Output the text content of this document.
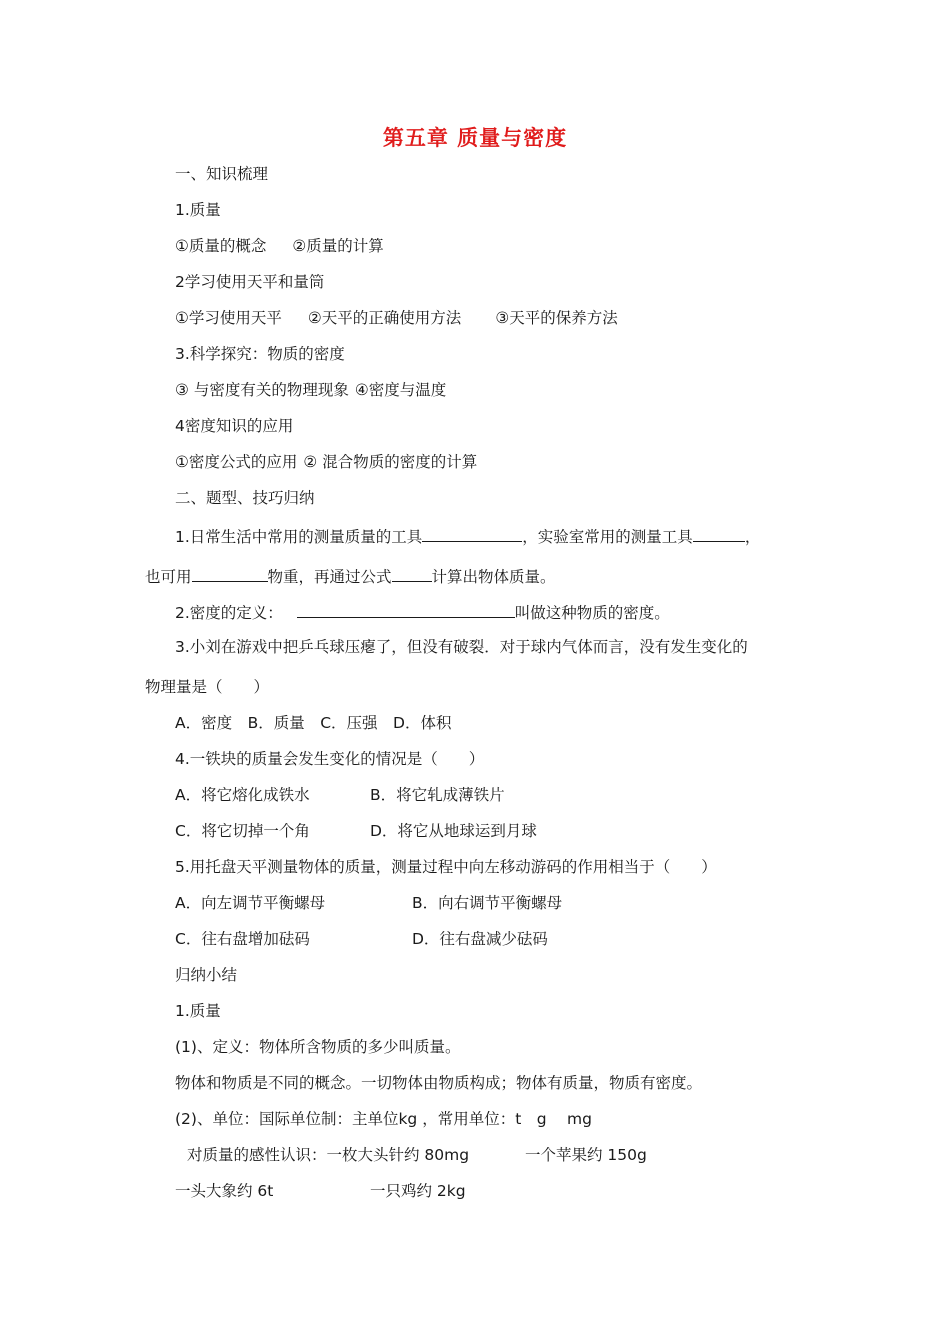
第五章 质量与密度
一、知识梳理
1.质量
①质量的概念 ②质量的计算
2学习使用天平和量筒
①学习使用天平 ②天平的正确使用方法 ③天平的保养方法
3.科学探究：物质的密度
③ 与密度有关的物理现象 ④密度与温度
4密度知识的应用
①密度公式的应用 ② 混合物质的密度的计算
二、题型、技巧归纳
1.日常生活中常用的测量质量的工具	，实验室常用的测量工具	，
也可用	物重，再通过公式	计算出物体质量。
2.密度的定义：	叫做这种物质的密度。
3.小刘在游戏中把乒乓球压瘪了，但没有破裂．对于球内气体而言，没有发生变化的
物理量是（　　）
A．密度　B．质量　C．压强　D．体积
4.一铁块的质量会发生变化的情况是（　　）
A．将它熔化成铁水	B．将它轧成薄铁片
C．将它切掉一个角	D．将它从地球运到月球
5.用托盘天平测量物体的质量，测量过程中向左移动游码的作用相当于（　　）
A．向左调节平衡螺母	B．向右调节平衡螺母
C．往右盘增加砝码	D．往右盘减少砝码
归纳小结
1.质量
(1)、定义：物体所含物质的多少叫质量。
物体和物质是不同的概念。一切物体由物质构成；物体有质量，物质有密度。
(2)、单位：国际单位制：主单位kg ，常用单位：t　g　 mg
对质量的感性认识：一枚大头针约 80mg	一个苹果约 150g
一头大象约 6t	一只鸡约 2kg
